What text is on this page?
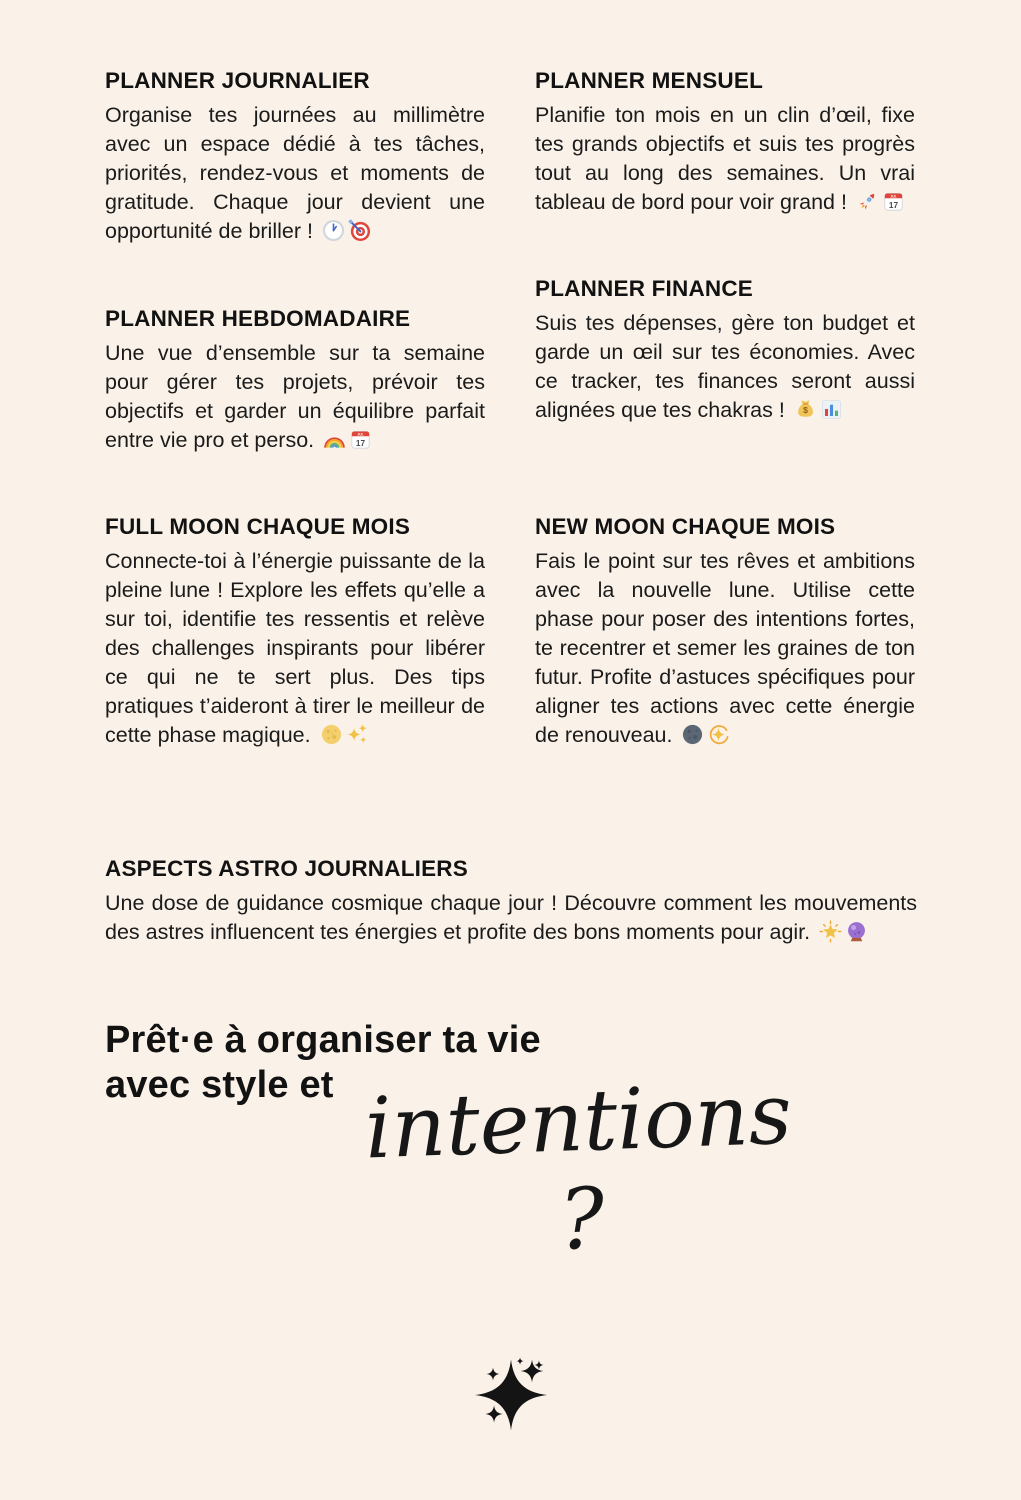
PLANNER JOURNALIER

Organise tes journées au millimètre avec un espace dédié à tes tâches, priorités, rendez-vous et moments de gratitude. Chaque jour devient une opportunité de briller !

PLANNER MENSUEL

Planifie ton mois en un clin d’œil, fixe tes grands objectifs et suis tes progrès tout au long des semaines. Un vrai tableau de bord pour voir grand !	JUL
17

PLANNER HEBDOMADAIRE

Une vue d’ensemble sur ta semaine pour gérer tes projets, prévoir tes objectifs et garder un équilibre parfait entre vie pro et perso.	JUL
17

PLANNER FINANCE

Suis tes dépenses, gère ton budget et garde un œil sur tes économies. Avec ce tracker, tes finances seront aussi alignées que tes chakras ! $

FULL MOON CHAQUE MOIS

Connecte-toi à l’énergie puissante de la pleine lune ! Explore les effets qu’elle a sur toi, identifie tes ressentis et relève des challenges inspirants pour libérer ce qui ne te sert plus. Des tips pratiques t’aideront à tirer le meilleur de cette phase magique.

NEW MOON CHAQUE MOIS

Fais le point sur tes rêves et ambitions avec la nouvelle lune. Utilise cette phase pour poser des intentions fortes, te recentrer et semer les graines de ton futur. Profite d’astuces spécifiques pour aligner tes actions avec cette énergie de renouveau.

ASPECTS ASTRO JOURNALIERS

Une dose de guidance cosmique chaque jour ! Découvre comment les mouvements des astres influencent tes énergies et profite des bons moments pour agir.

Prêt·e à organiser ta vie
avec style et intentions ?
